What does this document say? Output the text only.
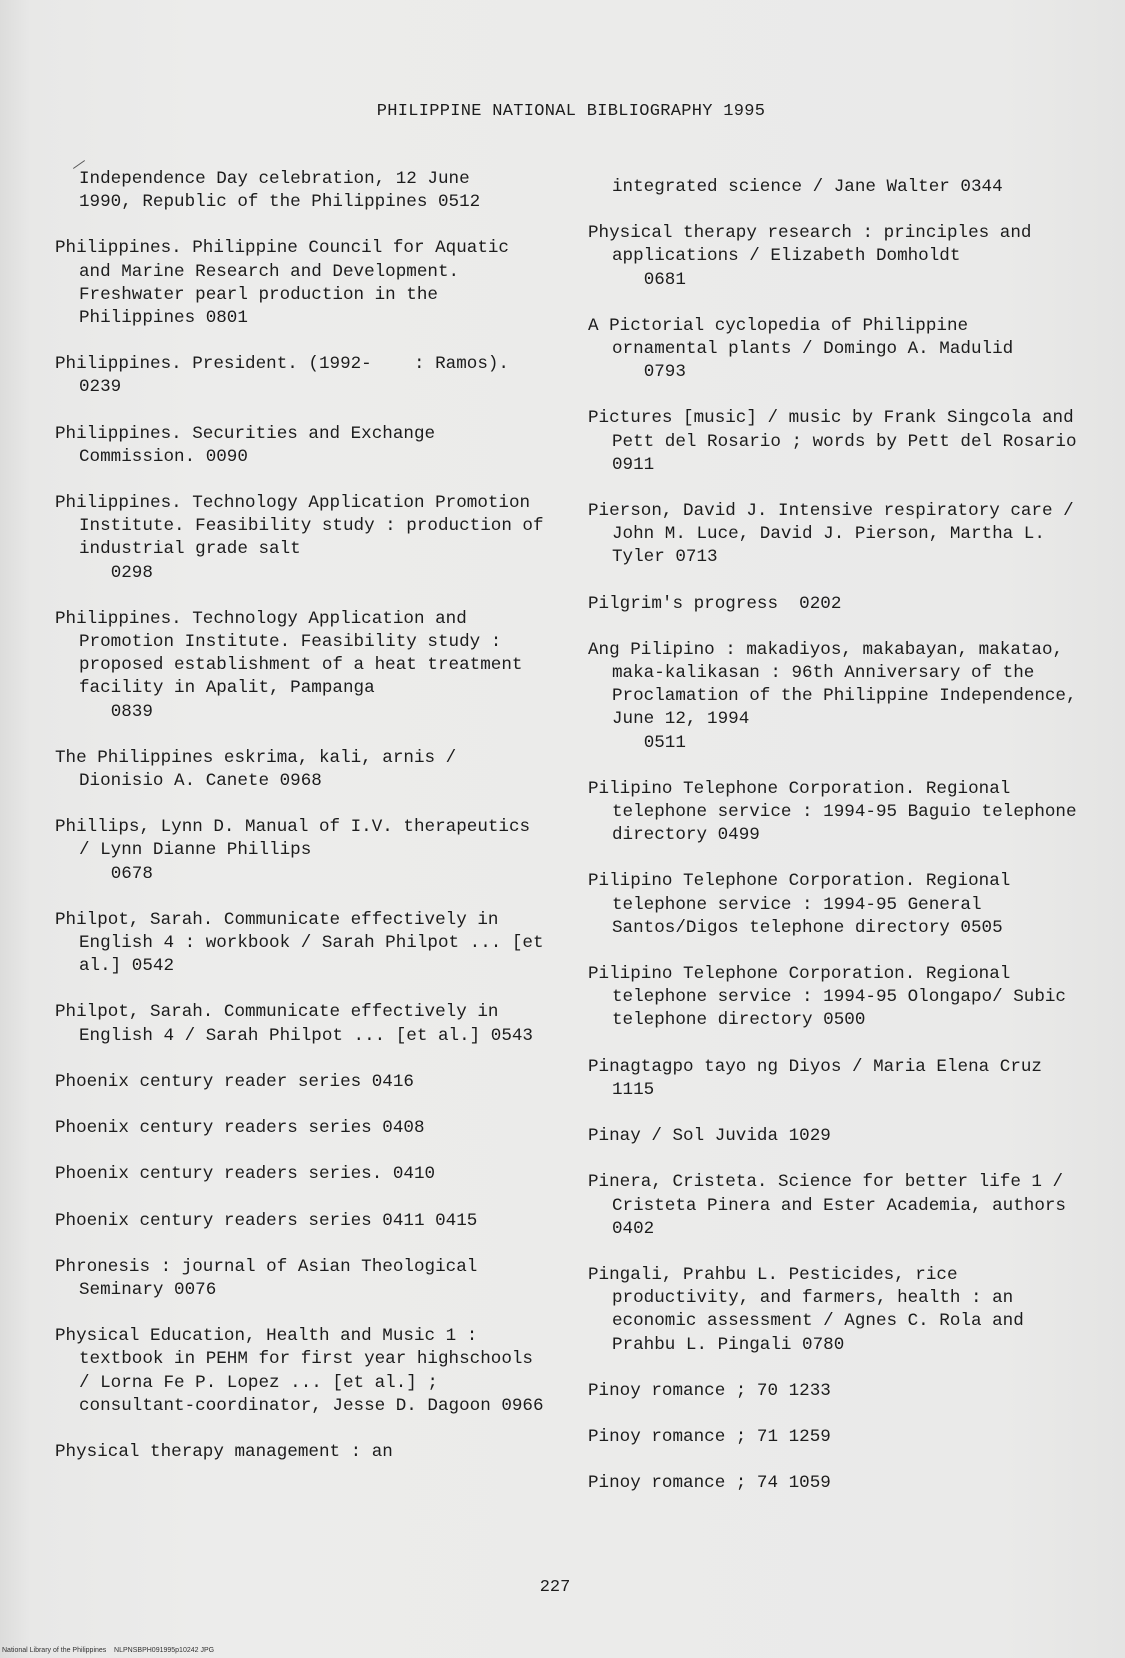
PHILIPPINE NATIONAL BIBLIOGRAPHY 1995
Independence Day celebration, 12 June
1990, Republic of the Philippines 0512
Philippines. Philippine Council for Aquatic and Marine Research and Development. Freshwater pearl production in the Philippines 0801
Philippines. President. (1992-    : Ramos). 0239
Philippines. Securities and Exchange Commission. 0090
Philippines. Technology Application Promotion Institute. Feasibility study : production of industrial grade salt
0298
Philippines. Technology Application and Promotion Institute. Feasibility study : proposed establishment of a heat treatment facility in Apalit, Pampanga
0839
The Philippines eskrima, kali, arnis / Dionisio A. Canete 0968
Phillips, Lynn D. Manual of I.V. therapeutics / Lynn Dianne Phillips
0678
Philpot, Sarah. Communicate effectively in English 4 : workbook / Sarah Philpot ... [et al.] 0542
Philpot, Sarah. Communicate effectively in English 4 / Sarah Philpot ... [et al.] 0543
Phoenix century reader series 0416
Phoenix century readers series 0408
Phoenix century readers series. 0410
Phoenix century readers series 0411 0415
Phronesis : journal of Asian Theological Seminary 0076
Physical Education, Health and Music 1 : textbook in PEHM for first year highschools / Lorna Fe P. Lopez ... [et al.] ; consultant-coordinator, Jesse D. Dagoon 0966
Physical therapy management : an
integrated science / Jane Walter 0344
Physical therapy research : principles and applications / Elizabeth Domholdt
0681
A Pictorial cyclopedia of Philippine ornamental plants / Domingo A. Madulid
0793
Pictures [music] / music by Frank Singcola and Pett del Rosario ; words by Pett del Rosario 0911
Pierson, David J. Intensive respiratory care / John M. Luce, David J. Pierson, Martha L. Tyler 0713
Pilgrim's progress  0202
Ang Pilipino : makadiyos, makabayan, makatao, maka-kalikasan : 96th Anniversary of the Proclamation of the Philippine Independence, June 12, 1994
0511
Pilipino Telephone Corporation. Regional telephone service : 1994-95 Baguio telephone directory 0499
Pilipino Telephone Corporation. Regional telephone service : 1994-95 General Santos/Digos telephone directory 0505
Pilipino Telephone Corporation. Regional telephone service : 1994-95 Olongapo/ Subic telephone directory 0500
Pinagtagpo tayo ng Diyos / Maria Elena Cruz 1115
Pinay / Sol Juvida 1029
Pinera, Cristeta. Science for better life 1 / Cristeta Pinera and Ester Academia, authors 0402
Pingali, Prahbu L. Pesticides, rice productivity, and farmers, health : an economic assessment / Agnes C. Rola and Prahbu L. Pingali 0780
Pinoy romance ; 70 1233
Pinoy romance ; 71 1259
Pinoy romance ; 74 1059
227
National Library of the Philippines    NLPNSBPH091995p10242 JPG
